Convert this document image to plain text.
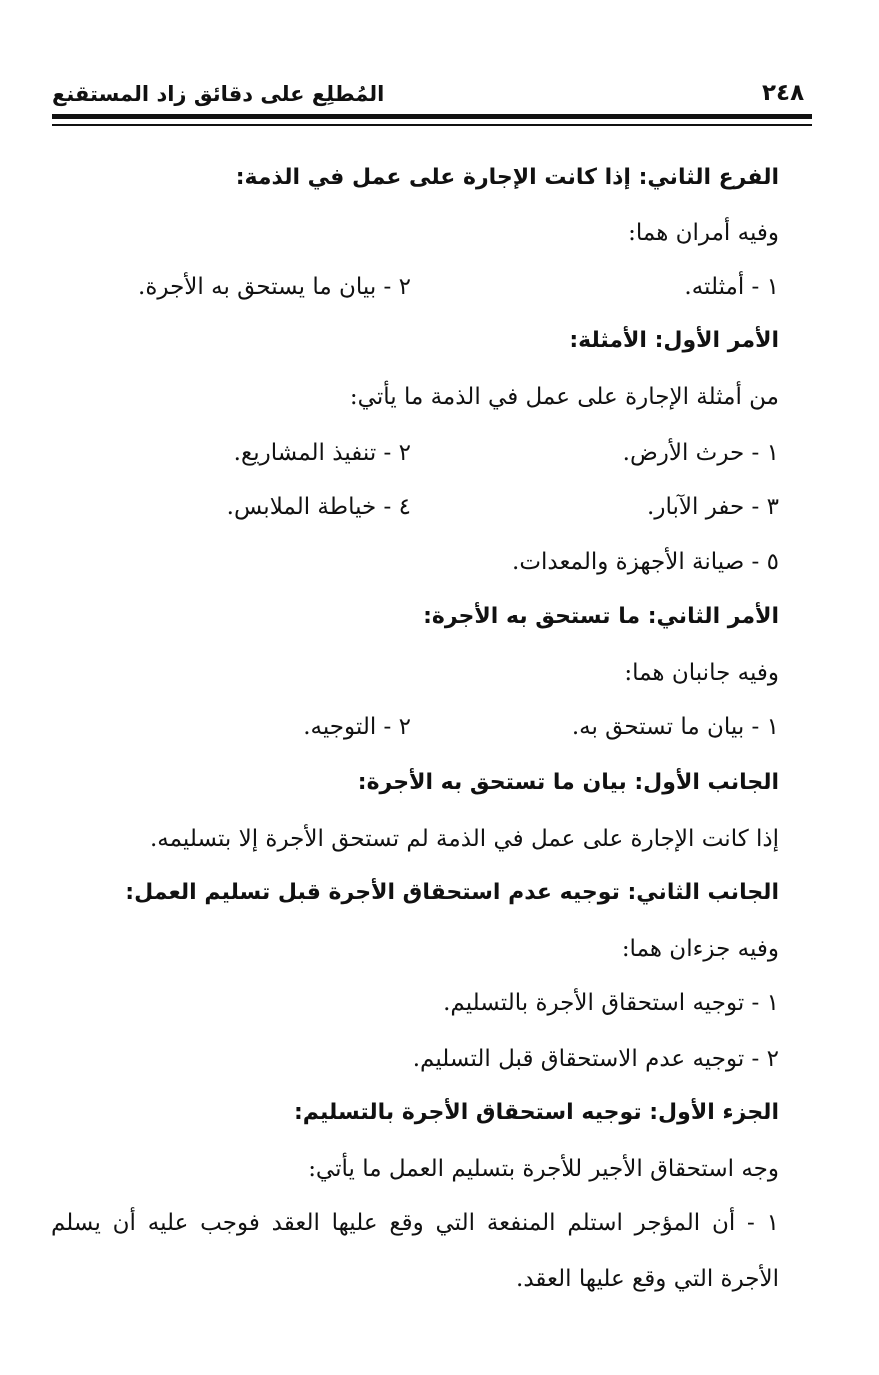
المُطلِع على دقائق زاد المستقنع	٢٤٨
الفرع الثاني: إذا كانت الإجارة على عمل في الذمة:
وفيه أمران هما:
١ - أمثلته.
٢ - بيان ما يستحق به الأجرة.
الأمر الأول: الأمثلة:
من أمثلة الإجارة على عمل في الذمة ما يأتي:
١ - حرث الأرض.
٢ - تنفيذ المشاريع.
٣ - حفر الآبار.
٤ - خياطة الملابس.
٥ - صيانة الأجهزة والمعدات.
الأمر الثاني: ما تستحق به الأجرة:
وفيه جانبان هما:
١ - بيان ما تستحق به.
٢ - التوجيه.
الجانب الأول: بيان ما تستحق به الأجرة:
إذا كانت الإجارة على عمل في الذمة لم تستحق الأجرة إلا بتسليمه.
الجانب الثاني: توجيه عدم استحقاق الأجرة قبل تسليم العمل:
وفيه جزءان هما:
١ - توجيه استحقاق الأجرة بالتسليم.
٢ - توجيه عدم الاستحقاق قبل التسليم.
الجزء الأول: توجيه استحقاق الأجرة بالتسليم:
وجه استحقاق الأجير للأجرة بتسليم العمل ما يأتي:
١ - أن المؤجر استلم المنفعة التي وقع عليها العقد فوجب عليه أن يسلم
الأجرة التي وقع عليها العقد.
